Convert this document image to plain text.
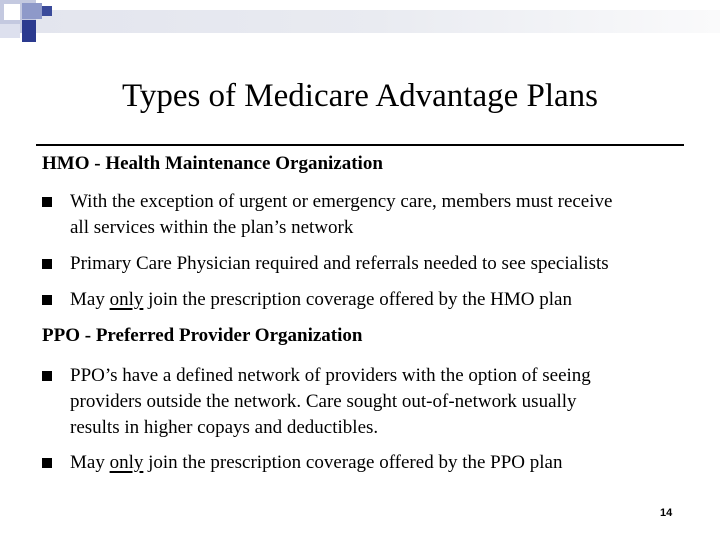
Types of Medicare Advantage Plans
HMO - Health Maintenance Organization
With the exception of urgent or emergency care, members must receive
all services within the plan’s network
Primary Care Physician required and referrals needed to see specialists
May only join the prescription coverage offered by the HMO plan
PPO - Preferred Provider Organization
PPO’s have a defined network of providers with the option of seeing
providers outside the network. Care sought out-of-network usually
results in higher copays and deductibles.
May only join the prescription coverage offered by the PPO plan
14
